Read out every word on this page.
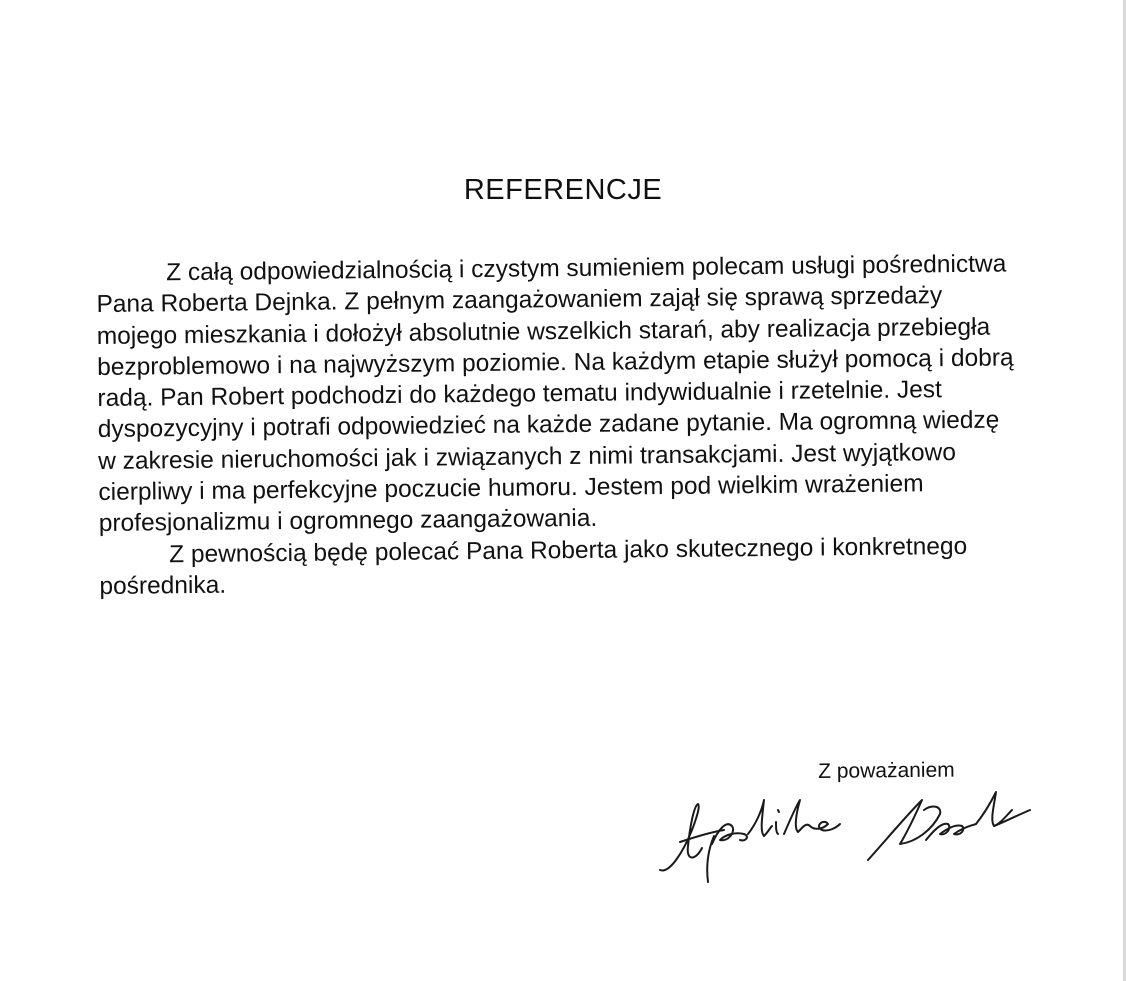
REFERENCJE

Z całą odpowiedzialnością i czystym sumieniem polecam usługi pośrednictwa Pana Roberta Dejnka. Z pełnym zaangażowaniem zajął się sprawą sprzedaży mojego mieszkania i dołożył absolutnie wszelkich starań, aby realizacja przebiegła bezproblemowo i na najwyższym poziomie. Na każdym etapie służył pomocą i dobrą radą. Pan Robert podchodzi do każdego tematu indywidualnie i rzetelnie. Jest dyspozycyjny i potrafi odpowiedzieć na każde zadane pytanie. Ma ogromną wiedzę w zakresie nieruchomości jak i związanych z nimi transakcjami. Jest wyjątkowo cierpliwy i ma perfekcyjne poczucie humoru. Jestem pod wielkim wrażeniem profesjonalizmu i ogromnego zaangażowania.

Z pewnością będę polecać Pana Roberta jako skutecznego i konkretnego pośrednika.

Z poważaniem
